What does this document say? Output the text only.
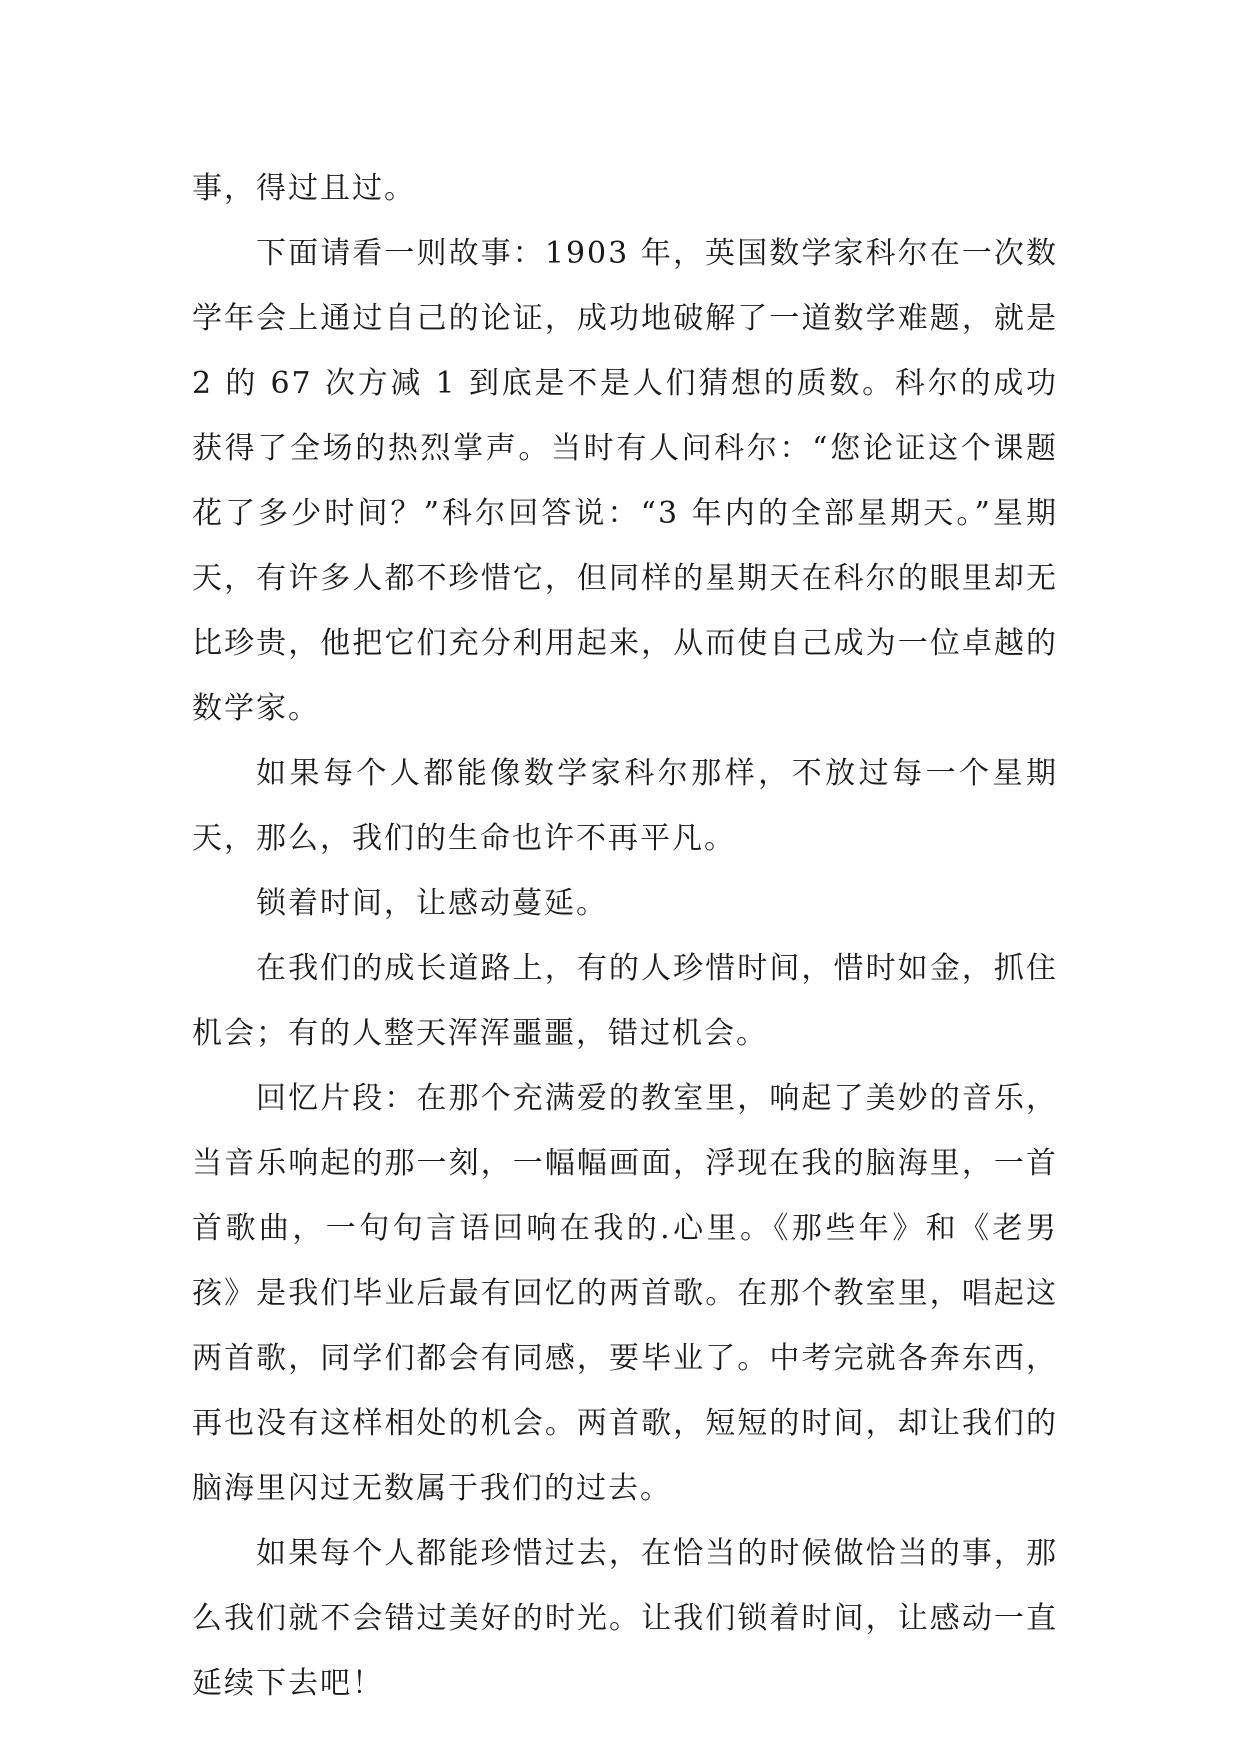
事，得过且过。

下面请看一则故事：1903 年，英国数学家科尔在一次数学年会上通过自己的论证，成功地破解了一道数学难题，就是 2 的 67 次方减 1 到底是不是人们猜想的质数。科尔的成功获得了全场的热烈掌声。当时有人问科尔：“您论证这个课题花了多少时间？”科尔回答说：“3 年内的全部星期天。”星期天，有许多人都不珍惜它，但同样的星期天在科尔的眼里却无比珍贵，他把它们充分利用起来，从而使自己成为一位卓越的数学家。

如果每个人都能像数学家科尔那样，不放过每一个星期天，那么，我们的生命也许不再平凡。

锁着时间，让感动蔓延。

在我们的成长道路上，有的人珍惜时间，惜时如金，抓住机会；有的人整天浑浑噩噩，错过机会。

回忆片段：在那个充满爱的教室里，响起了美妙的音乐，当音乐响起的那一刻，一幅幅画面，浮现在我的脑海里，一首首歌曲，一句句言语回响在我的.心里。《那些年》和《老男孩》是我们毕业后最有回忆的两首歌。在那个教室里，唱起这两首歌，同学们都会有同感，要毕业了。中考完就各奔东西，再也没有这样相处的机会。两首歌，短短的时间，却让我们的脑海里闪过无数属于我们的过去。

如果每个人都能珍惜过去，在恰当的时候做恰当的事，那么我们就不会错过美好的时光。让我们锁着时间，让感动一直延续下去吧！
